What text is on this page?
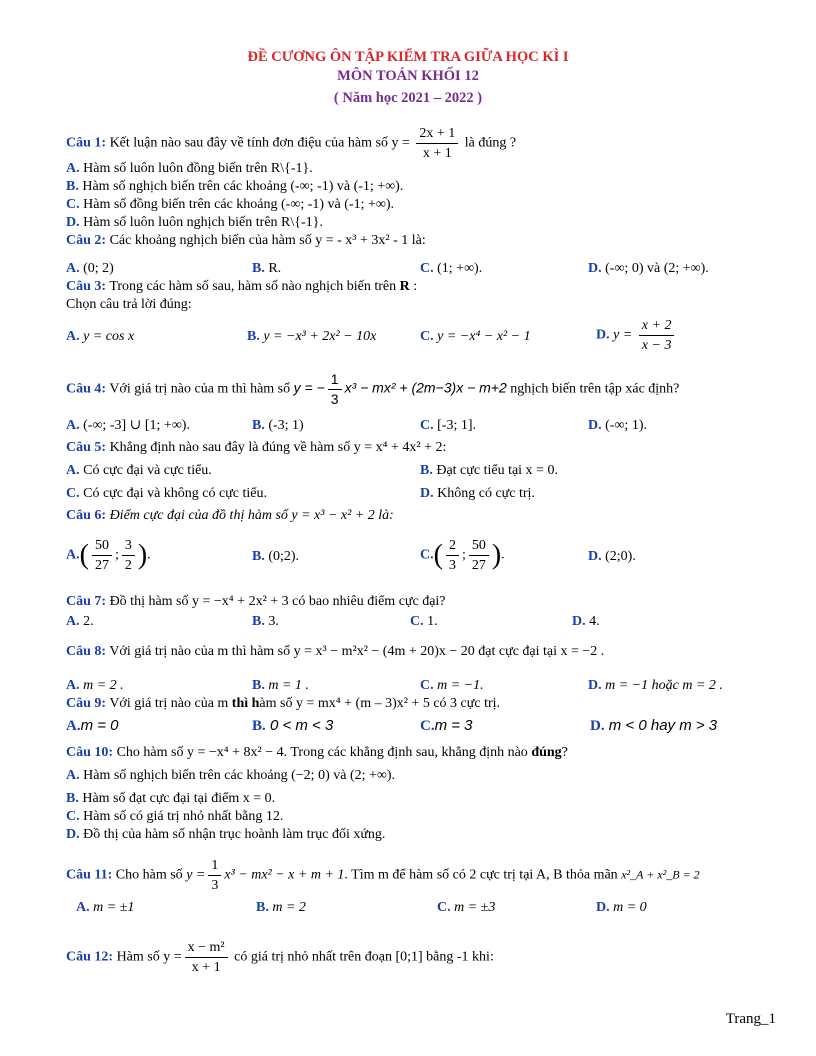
ĐỀ CƯƠNG ÔN TẬP KIỂM TRA GIỮA HỌC KÌ I
MÔN TOÁN KHỐI 12
( Năm học 2021 – 2022 )
Câu 1: Kết luận nào sau đây về tính đơn điệu của hàm số $y = \frac{2x + 1}{x + 1}$ là đúng ?
A. Hàm số luôn luôn đồng biến trên R\{-1}.
B. Hàm số nghịch biến trên các khoảng (-∞; -1) và (-1; +∞).
C. Hàm số đồng biến trên các khoảng (-∞; -1) và (-1; +∞).
D. Hàm số luôn luôn nghịch biến trên R\{-1}.
Câu 2: Các khoảng nghịch biến của hàm số y = - x³ + 3x² - 1 là:
A. (0; 2)	B. R.	C. (1; +∞).	D. (-∞; 0) và (2; +∞).
Câu 3: Trong các hàm số sau, hàm số nào nghịch biến trên R :
Chọn câu trả lời đúng:
A. y = cos x	B. y = −x³ + 2x² − 10x	C. y = −x⁴ − x² − 1	D. $y = \frac{x + 2}{x - 3}$
Câu 4: Với giá trị nào của m thì hàm số y = − $\frac{1}{3} x^3 - mx^2 + (2m-3)x - m+2$ nghịch biến trên tập xác định?
A. (-∞; -3] ∪ [1; +∞).	B. (-3; 1)	C. [-3; 1].	D. (-∞; 1).
Câu 5: Khẳng định nào sau đây là đúng về hàm số y = x⁴ + 4x² + 2:
A. Có cực đại và cực tiểu.	B. Đạt cực tiểu tại x = 0.
C. Có cực đại và không có cực tiểu.	D. Không có cực trị.
Câu 6: Điểm cực đại của đồ thị hàm số y = x³ − x² + 2 là:
$A.( \frac{50}{27}$ ; $\frac{3}{2}$ ).	B. (0;2).	$C.( \frac{2}{3}$ ; $\frac{50}{27}$ ).	D. (2;0).
Câu 7: Đồ thị hàm số y = −x⁴ + 2x² + 3 có bao nhiêu điểm cực đại?
A. 2.	B. 3.	C. 1.	D. 4.
Câu 8: Với giá trị nào của m thì hàm số y = x³ − m²x² − (4m + 20)x − 20 đạt cực đại tại x = −2 .
A. m = 2 .	B. m = 1 .	C. m = −1.	D. m = −1 hoặc m = 2 .
Câu 9: Với giá trị nào của m thì hàm số y = mx⁴ + (m – 3)x² + 5 có 3 cực trị.
A.m = 0	B. 0 < m < 3	C.m = 3	D. m < 0 hay m > 3
Câu 10: Cho hàm số y = −x⁴ + 8x² − 4. Trong các khẳng định sau, khẳng định nào đúng?
A. Hàm số nghịch biến trên các khoảng (−2; 0) và (2; +∞).
B. Hàm số đạt cực đại tại điểm x = 0.
C. Hàm số có giá trị nhỏ nhất bằng 12.
D. Đồ thị của hàm số nhận trục hoành làm trục đối xứng.
Câu 11: Cho hàm số $y = \frac{1}{3} x^3 - mx^2 - x + m + 1$. Tìm m để hàm số có 2 cực trị tại A, B thỏa mãn x²_A + x²_B = 2
A. m = ±1	B. m = 2	C. m = ±3	D. m = 0
Câu 12: Hàm số $y = \frac{\text{x − m²}}{x + 1}$ có giá trị nhỏ nhất trên đoạn [0;1] bằng -1 khi:
Trang_1
